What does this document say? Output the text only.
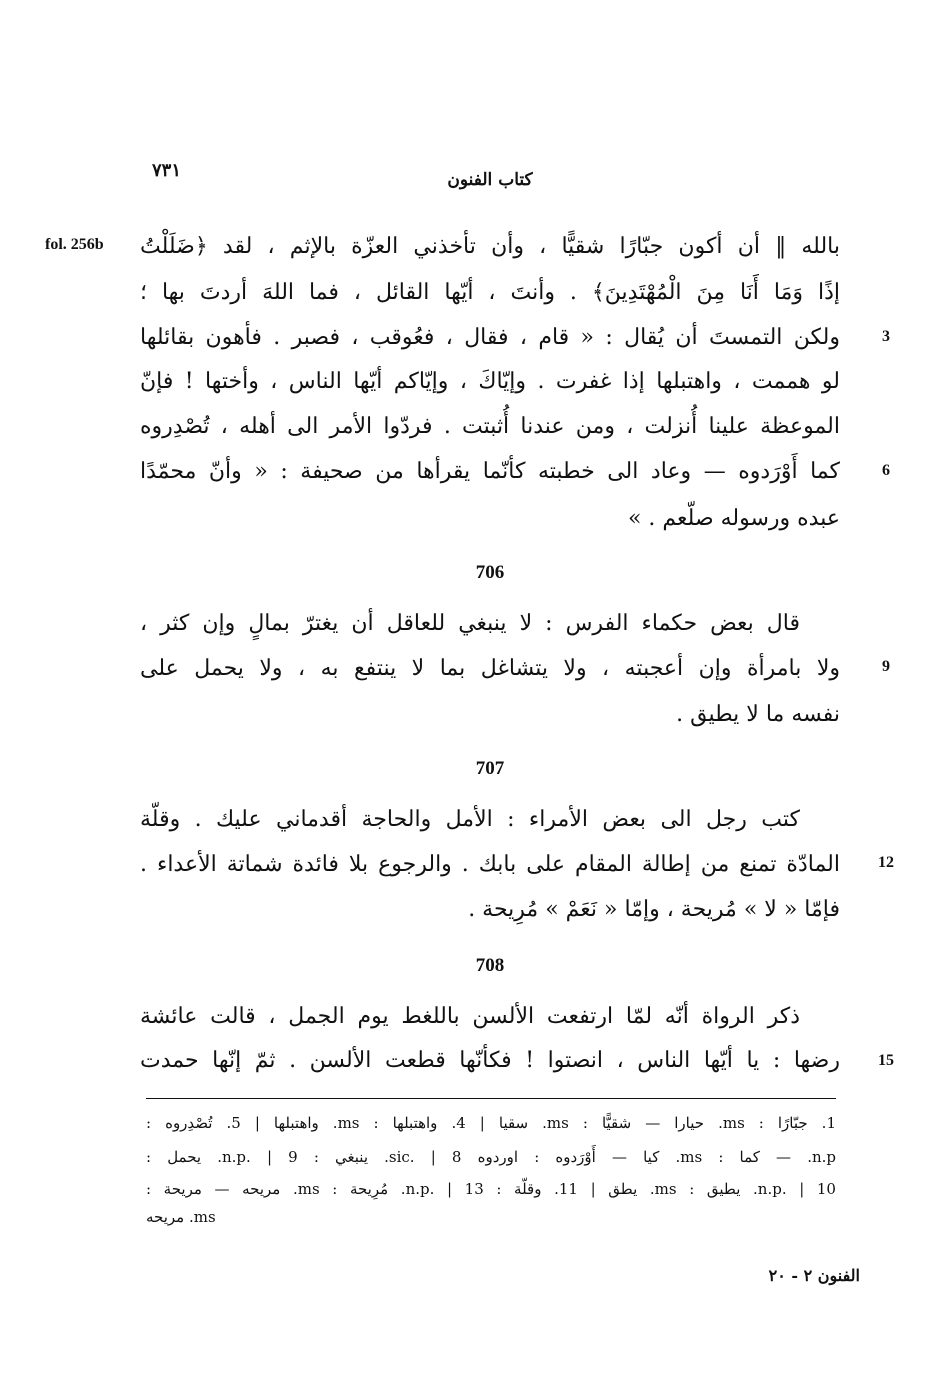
٧٣١	كتاب الفنون
fol. 256b بالله ‖ أن أكون جبّارًا شقيًّا ، وأن تأخذني العزّة بالإثم ، لقد ﴿ضَلَلْتُ
إذًا وَمَا أَنَا مِنَ الْمُهْتَدِينَ﴾ . وأنتَ ، أيّها القائل ، فما اللهَ أردتَ بها ؛
ولكن التمستَ أن يُقال : « قام ، فقال ، فعُوقب ، فصبر . فأهون بقائلها	3
لو هممت ، واهتبلها إذا غفرت . وإيّاكَ ، وإيّاكم أيّها الناس ، وأختها ! فإنّ
الموعظة علينا أُنزلت ، ومن عندنا أُثبتت . فردّوا الأمر الى أهله ، تُصْدِروه
كما أَوْرَدوه — وعاد الى خطبته كأنّما يقرأها من صحيفة : « وأنّ محمّدًا	6
عبده ورسوله صلّعم . »
706
قال بعض حكماء الفرس : لا ينبغي للعاقل أن يغترّ بمالٍ وإن كثر ،
ولا بامرأة وإن أعجبته ، ولا يتشاغل بما لا ينتفع به ، ولا يحمل على	9
نفسه ما لا يطيق .
707
كتب رجل الى بعض الأمراء : الأمل والحاجة أقدماني عليك . وقلّة
المادّة تمنع من إطالة المقام على بابك . والرجوع بلا فائدة شماتة الأعداء . 12
فإمّا « لا » مُريحة ، وإمّا « نَعَمْ » مُرِيحة .
708
ذكر الرواة أنّه لمّا ارتفعت الألسن باللغط يوم الجمل ، قالت عائشة
رضها : يا أيّها الناس ، انصتوا ! فكأنّها قطعت الألسن . ثمّ إنّها حمدت 15
1. جبّارًا : ms. حيارا — شقيًّا : ms. سقيا | 4. واهتبلها : ms. واهتبلها | 5. تُصْدِروه :
n.p. — كما : ms. كيا — أَوْرَدوه : اوردوه sic. | 8. ينبغي : n.p. | 9. يحمل :
n.p. | 10. يطيق : ms. يطق | 11. وقلّة : n.p. | 13. مُرِيحة : ms. مريحه — مريحة :
ms. مريحه
الفنون ٢ - ٢٠
